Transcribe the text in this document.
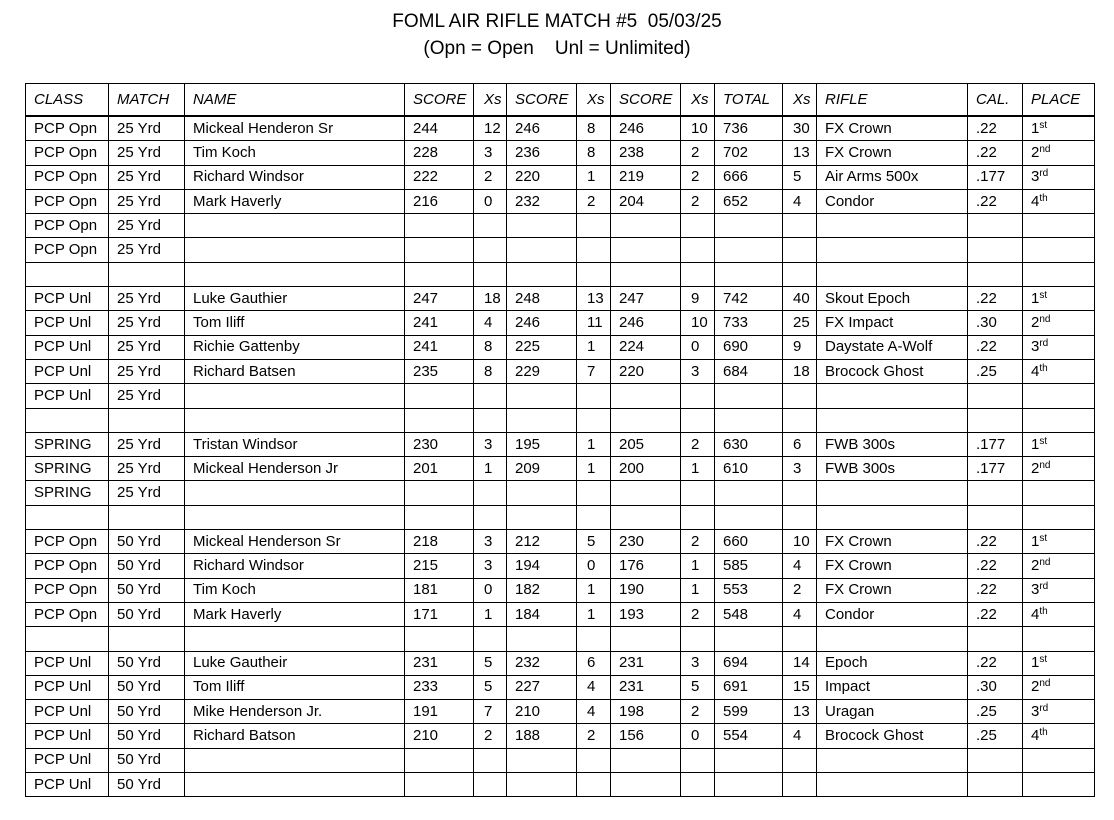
FOML AIR RIFLE MATCH #5  05/03/25
(Opn = Open    Unl = Unlimited)
CLASS	MATCH	NAME	SCORE	Xs	SCORE	Xs	SCORE	Xs	TOTAL	Xs	RIFLE	CAL.	PLACE
PCP Opn	25 Yrd	Mickeal Henderon Sr	244	12	246	8	246	10	736	30	FX Crown	.22	1st
PCP Opn	25 Yrd	Tim Koch	228	3	236	8	238	2	702	13	FX Crown	.22	2nd
PCP Opn	25 Yrd	Richard Windsor	222	2	220	1	219	2	666	5	Air Arms 500x	.177	3rd
PCP Opn	25 Yrd	Mark Haverly	216	0	232	2	204	2	652	4	Condor	.22	4th
PCP Opn	25 Yrd												
PCP Opn	25 Yrd												

PCP Unl	25 Yrd	Luke Gauthier	247	18	248	13	247	9	742	40	Skout Epoch	.22	1st
PCP Unl	25 Yrd	Tom Iliff	241	4	246	11	246	10	733	25	FX Impact	.30	2nd
PCP Unl	25 Yrd	Richie Gattenby	241	8	225	1	224	0	690	9	Daystate A-Wolf	.22	3rd
PCP Unl	25 Yrd	Richard Batsen	235	8	229	7	220	3	684	18	Brocock Ghost	.25	4th
PCP Unl	25 Yrd												

SPRING	25 Yrd	Tristan Windsor	230	3	195	1	205	2	630	6	FWB 300s	.177	1st
SPRING	25 Yrd	Mickeal Henderson Jr	201	1	209	1	200	1	610	3	FWB 300s	.177	2nd
SPRING	25 Yrd												

PCP Opn	50 Yrd	Mickeal Henderson Sr	218	3	212	5	230	2	660	10	FX Crown	.22	1st
PCP Opn	50 Yrd	Richard Windsor	215	3	194	0	176	1	585	4	FX Crown	.22	2nd
PCP Opn	50 Yrd	Tim Koch	181	0	182	1	190	1	553	2	FX Crown	.22	3rd
PCP Opn	50 Yrd	Mark Haverly	171	1	184	1	193	2	548	4	Condor	.22	4th

PCP Unl	50 Yrd	Luke Gautheir	231	5	232	6	231	3	694	14	Epoch	.22	1st
PCP Unl	50 Yrd	Tom Iliff	233	5	227	4	231	5	691	15	Impact	.30	2nd
PCP Unl	50 Yrd	Mike Henderson Jr.	191	7	210	4	198	2	599	13	Uragan	.25	3rd
PCP Unl	50 Yrd	Richard Batson	210	2	188	2	156	0	554	4	Brocock Ghost	.25	4th
PCP Unl	50 Yrd												
PCP Unl	50 Yrd												
